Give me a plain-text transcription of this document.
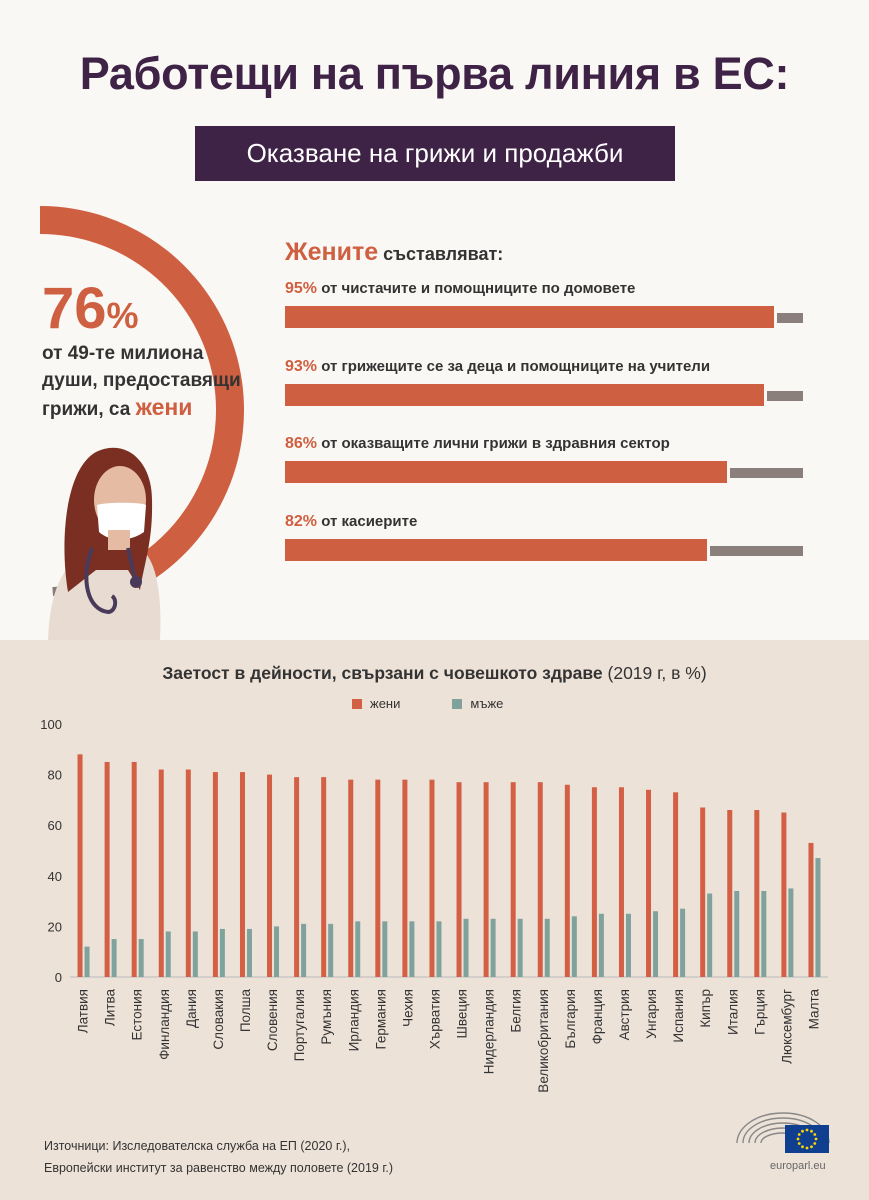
Работещи на първа линия в ЕС:
Оказване на грижи и продажби
76%
от 49-те милиона души, предоставящи грижи, са жени
Жените съставляват:
95% от чистачите и помощниците по домовете
93% от грижещите се за деца и помощниците на учители
86% от оказващите лични грижи в здравния сектор
82% от касиерите
Заетост в дейности, свързани с човешкото здраве (2019 г, в %)
жени	мъже
0
20
40
60
80
100
Латвия Литва Естония Финландия Дания Словакия Полша Словения Португалия Румъния Ирландия Германия Чехия Хърватия Швеция Нидерландия Белгия Великобритания България Франция Австрия Унгария Испания Кипър Италия Гърция Люксембург Малта
Източници: Изследователска служба на ЕП (2020 г.),
Европейски институт за равенство между половете (2019 г.)	europarl.eu
